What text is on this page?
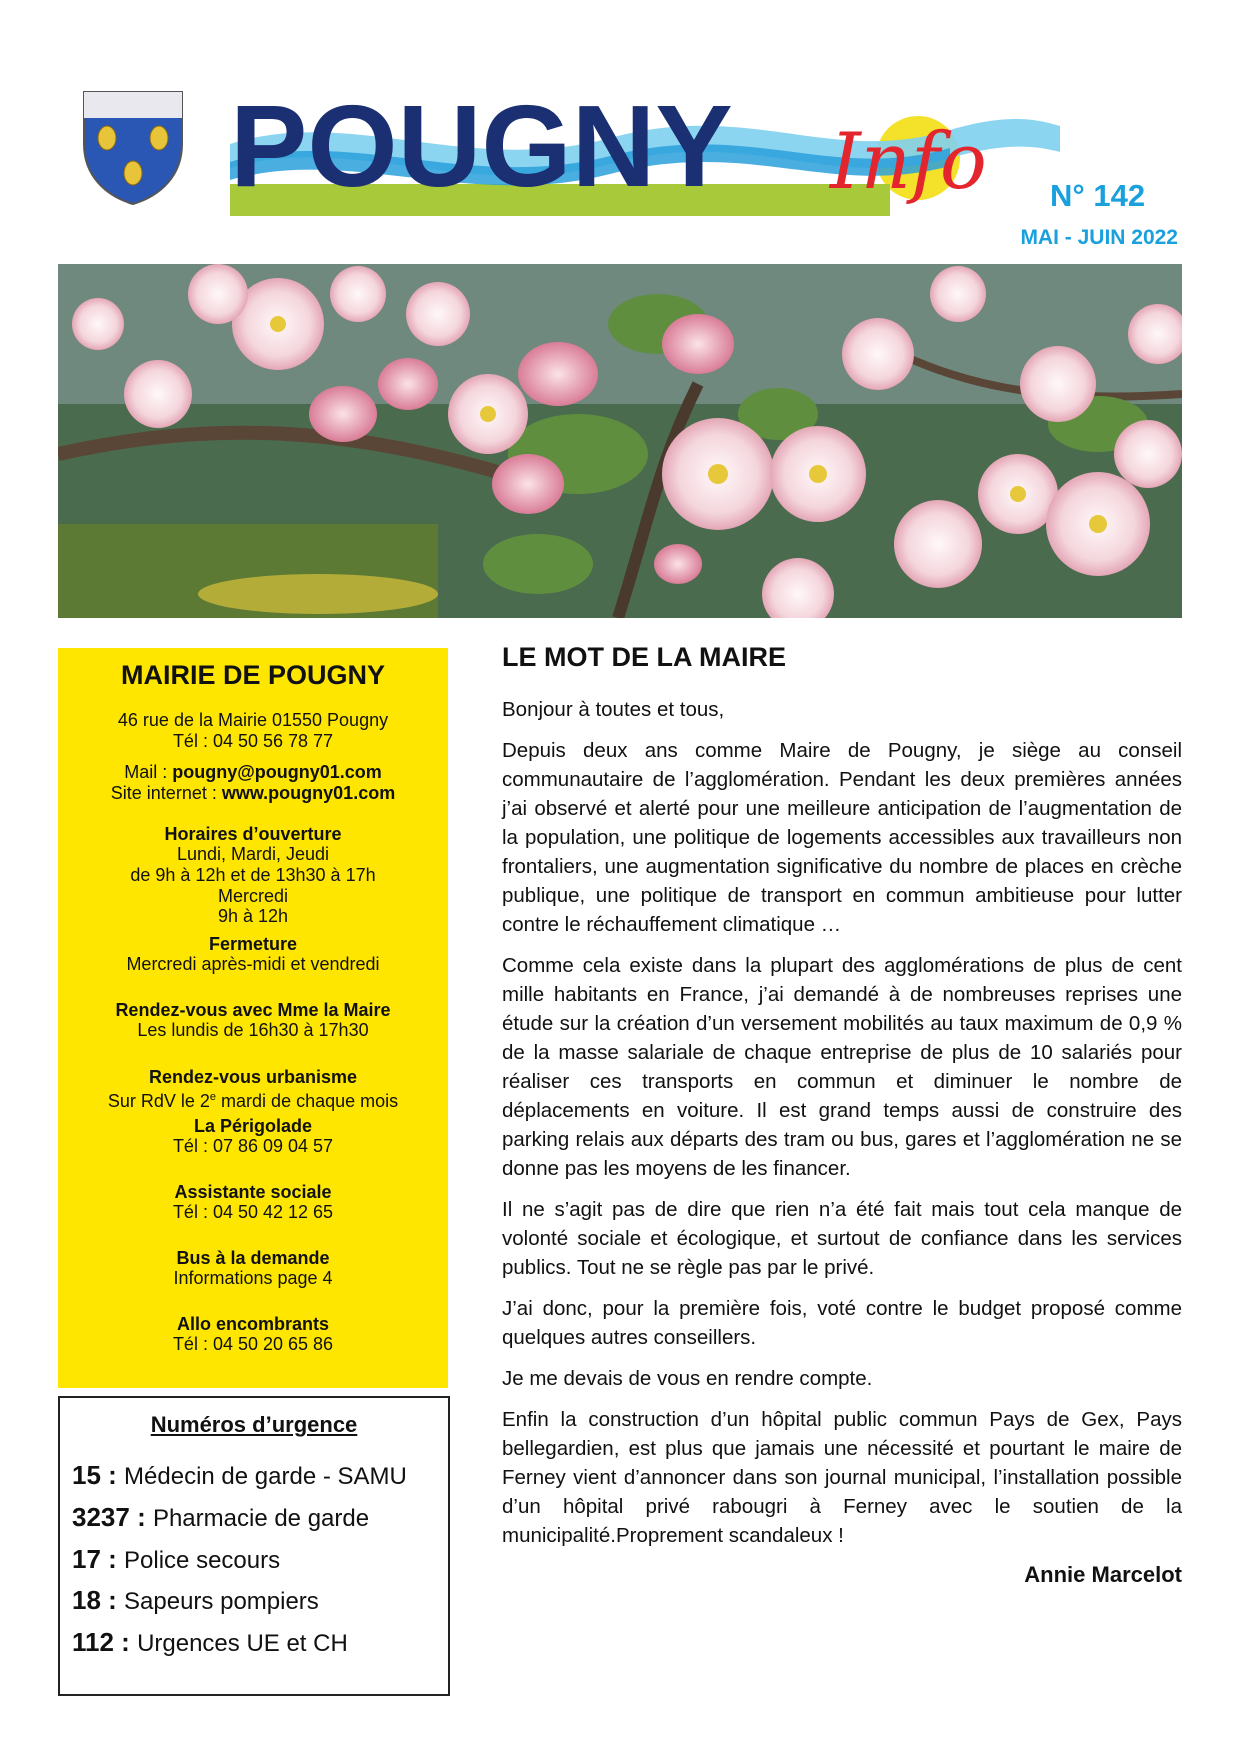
POUGNY Info N° 142
MAI - JUIN 2022
MAIRIE DE POUGNY
46 rue de la Mairie 01550 Pougny
Tél : 04 50 56 78 77
Mail : pougny@pougny01.com
Site internet : www.pougny01.com
Horaires d’ouverture
Lundi, Mardi, Jeudi
de 9h à 12h et de 13h30 à 17h
Mercredi
9h à 12h
Fermeture
Mercredi après-midi et vendredi
Rendez-vous avec Mme la Maire
Les lundis de 16h30 à 17h30
Rendez-vous urbanisme
Sur RdV le 2e mardi de chaque mois
La Périgolade
Tél : 07 86 09 04 57
Assistante sociale
Tél : 04 50 42 12 65
Bus à la demande
Informations page 4
Allo encombrants
Tél : 04 50 20 65 86
Numéros d’urgence
15 : Médecin de garde - SAMU
3237 : Pharmacie de garde
17 : Police secours
18 : Sapeurs pompiers
112 : Urgences UE et CH
LE MOT DE LA MAIRE

Bonjour à toutes et tous,

Depuis deux ans comme Maire de Pougny, je siège au conseil communautaire de l’agglomération. Pendant les deux premières années j’ai observé et alerté pour une meilleure anticipation de l’augmentation de la population, une politique de logements accessibles aux travailleurs non frontaliers, une augmentation significative du nombre de places en crèche publique, une politique de transport en commun ambitieuse pour lutter contre le réchauffement climatique …

Comme cela existe dans la plupart des agglomérations de plus de cent mille habitants en France, j’ai demandé à de nombreuses reprises une étude sur la création d’un versement mobilités au taux maximum de 0,9 % de la masse salariale de chaque entreprise de plus de 10 salariés pour réaliser ces transports en commun et diminuer le nombre de déplacements en voiture. Il est grand temps aussi de construire des parking relais aux départs des tram ou bus, gares et l’agglomération ne se donne pas les moyens de les financer.

Il ne s’agit pas de dire que rien n’a été fait mais tout cela manque de volonté sociale et écologique, et surtout de confiance dans les services publics. Tout ne se règle pas par le privé.

J’ai donc, pour la première fois, voté contre le budget proposé comme quelques autres conseillers.

Je me devais de vous en rendre compte.

Enfin la construction d’un hôpital public commun Pays de Gex, Pays bellegardien, est plus que jamais une nécessité et pourtant le maire de Ferney vient d’annoncer dans son journal municipal, l’installation possible d’un hôpital privé rabougri à Ferney avec le soutien de la municipalité.Proprement scandaleux !

Annie Marcelot
